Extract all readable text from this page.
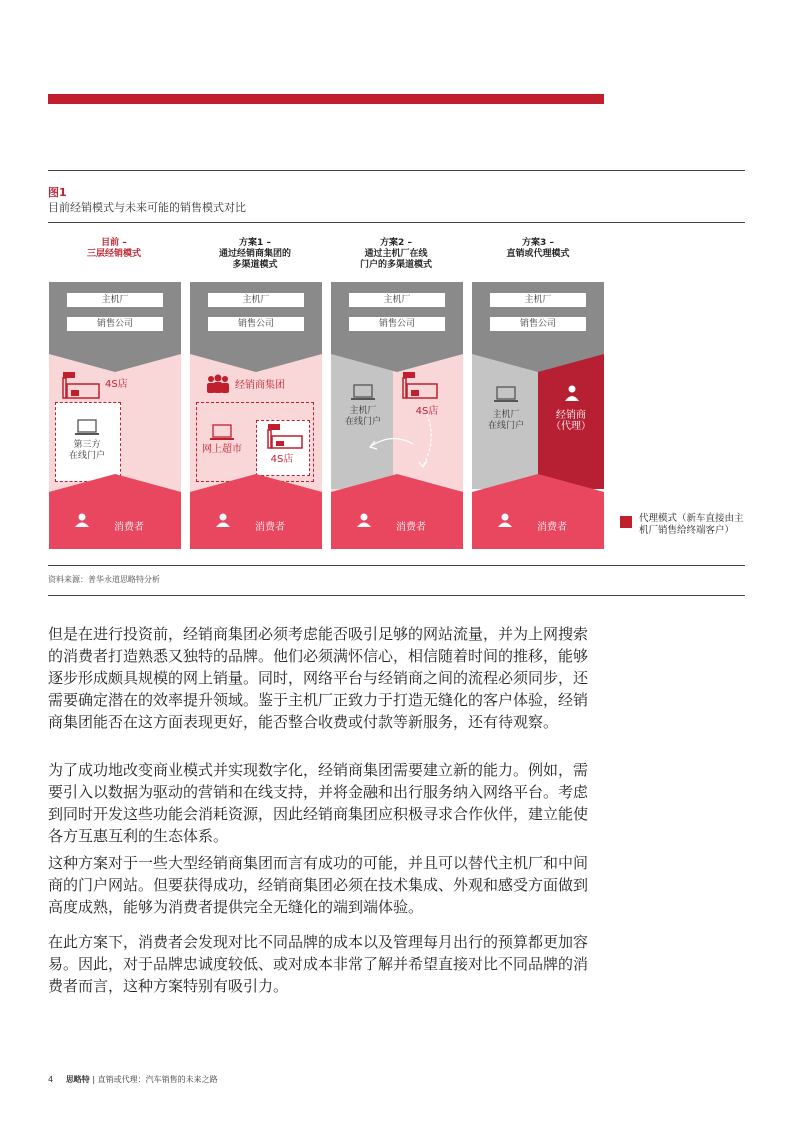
图1
目前经销模式与未来可能的销售模式对比
目前 –
三层经销模式
方案1 –
通过经销商集团的
多渠道模式
方案2 –
通过主机厂在线
门户的多渠道模式
方案3 –
直销或代理模式
主机厂
销售公司
4S店
第三方
在线门户
消费者
主机厂
销售公司
经销商集团
网上超市
4S店
消费者
主机厂
销售公司
主机厂
在线门户
4S店
消费者
主机厂
销售公司
主机厂
在线门户
经销商
（代理）
消费者
代理模式（新车直接由主机厂销售给终端客户）
资料来源：普华永道思略特分析

但是在进行投资前，经销商集团必须考虑能否吸引足够的网站流量，并为上网搜索的消费者打造熟悉又独特的品牌。他们必须满怀信心，相信随着时间的推移，能够逐步形成颇具规模的网上销量。同时，网络平台与经销商之间的流程必须同步，还需要确定潜在的效率提升领域。鉴于主机厂正致力于打造无缝化的客户体验，经销商集团能否在这方面表现更好，能否整合收费或付款等新服务，还有待观察。

为了成功地改变商业模式并实现数字化，经销商集团需要建立新的能力。例如，需要引入以数据为驱动的营销和在线支持，并将金融和出行服务纳入网络平台。考虑到同时开发这些功能会消耗资源，因此经销商集团应积极寻求合作伙伴，建立能使各方互惠互利的生态体系。

这种方案对于一些大型经销商集团而言有成功的可能，并且可以替代主机厂和中间商的门户网站。但要获得成功，经销商集团必须在技术集成、外观和感受方面做到高度成熟，能够为消费者提供完全无缝化的端到端体验。

在此方案下，消费者会发现对比不同品牌的成本以及管理每月出行的预算都更加容易。因此，对于品牌忠诚度较低、或对成本非常了解并希望直接对比不同品牌的消费者而言，这种方案特别有吸引力。

4 思略特 | 直销或代理：汽车销售的未来之路
